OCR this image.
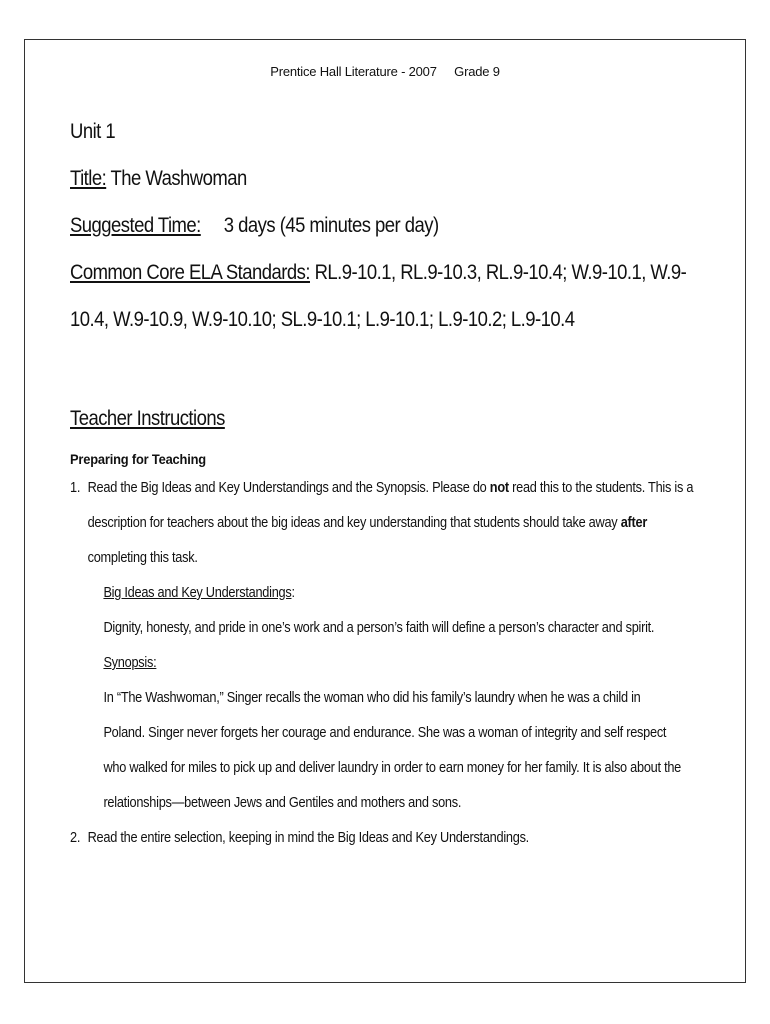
Prentice Hall Literature - 2007 Grade 9
Unit 1
Title: The Washwoman
Suggested Time: 3 days (45 minutes per day)
Common Core ELA Standards: RL.9-10.1, RL.9-10.3, RL.9-10.4; W.9-10.1, W.9-10.4, W.9-10.9, W.9-10.10; SL.9-10.1; L.9-10.1; L.9-10.2; L.9-10.4
Teacher Instructions
Preparing for Teaching
1. Read the Big Ideas and Key Understandings and the Synopsis. Please do not read this to the students. This is a description for teachers about the big ideas and key understanding that students should take away after completing this task.
Big Ideas and Key Understandings:
Dignity, honesty, and pride in one’s work and a person’s faith will define a person’s character and spirit.
Synopsis:
In “The Washwoman,” Singer recalls the woman who did his family’s laundry when he was a child in Poland. Singer never forgets her courage and endurance. She was a woman of integrity and self respect who walked for miles to pick up and deliver laundry in order to earn money for her family. It is also about the relationships—between Jews and Gentiles and mothers and sons.
2. Read the entire selection, keeping in mind the Big Ideas and Key Understandings.
